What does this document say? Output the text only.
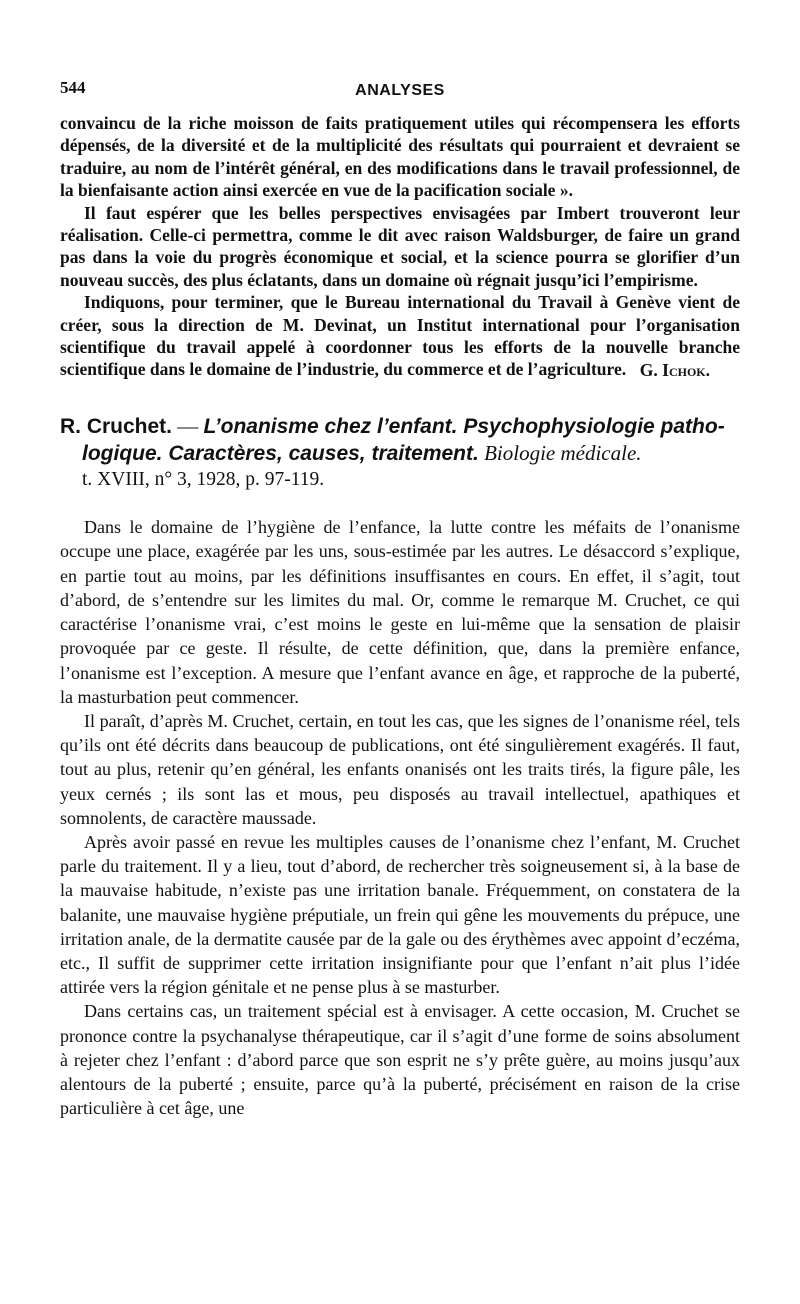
544	ANALYSES

convaincu de la riche moisson de faits pratiquement utiles qui récompensera les efforts dépensés, de la diversité et de la multiplicité des résultats qui pourraient et devraient se traduire, au nom de l’intérêt général, en des modifications dans le travail professionnel, de la bienfaisante action ainsi exercée en vue de la pacification sociale ».

Il faut espérer que les belles perspectives envisagées par Imbert trouveront leur réalisation. Celle-ci permettra, comme le dit avec raison Waldsburger, de faire un grand pas dans la voie du progrès économique et social, et la science pourra se glorifier d’un nouveau succès, des plus éclatants, dans un domaine où régnait jusqu’ici l’empirisme.

Indiquons, pour terminer, que le Bureau international du Travail à Genève vient de créer, sous la direction de M. Devinat, un Institut international pour l’organisation scientifique du travail appelé à coordonner tous les efforts de la nouvelle branche scientifique dans le domaine de l’industrie, du commerce et de l’agriculture. G. Ichok.

R. Cruchet. — L’onanisme chez l’enfant. Psychophysiologie patho-
logique. Caractères, causes, traitement. Biologie médicale.
t. XVIII, n° 3, 1928, p. 97-119.

Dans le domaine de l’hygiène de l’enfance, la lutte contre les méfaits de l’onanisme occupe une place, exagérée par les uns, sous-estimée par les autres. Le désaccord s’explique, en partie tout au moins, par les définitions insuffisantes en cours. En effet, il s’agit, tout d’abord, de s’entendre sur les limites du mal. Or, comme le remarque M. Cruchet, ce qui caractérise l’onanisme vrai, c’est moins le geste en lui-même que la sensation de plaisir provoquée par ce geste. Il résulte, de cette définition, que, dans la première enfance, l’onanisme est l’exception. A mesure que l’enfant avance en âge, et rapproche de la puberté, la masturbation peut commencer.

Il paraît, d’après M. Cruchet, certain, en tout les cas, que les signes de l’onanisme réel, tels qu’ils ont été décrits dans beaucoup de publications, ont été singulièrement exagérés. Il faut, tout au plus, retenir qu’en général, les enfants onanisés ont les traits tirés, la figure pâle, les yeux cernés ; ils sont las et mous, peu disposés au travail intellectuel, apathiques et somnolents, de caractère maussade.

Après avoir passé en revue les multiples causes de l’onanisme chez l’enfant, M. Cruchet parle du traitement. Il y a lieu, tout d’abord, de rechercher très soigneusement si, à la base de la mauvaise habitude, n’existe pas une irritation banale. Fréquemment, on constatera de la balanite, une mauvaise hygiène préputiale, un frein qui gêne les mouvements du prépuce, une irritation anale, de la dermatite causée par de la gale ou des érythèmes avec appoint d’eczéma, etc., Il suffit de supprimer cette irritation insignifiante pour que l’enfant n’ait plus l’idée attirée vers la région génitale et ne pense plus à se masturber.

Dans certains cas, un traitement spécial est à envisager. A cette occasion, M. Cruchet se prononce contre la psychanalyse thérapeutique, car il s’agit d’une forme de soins absolument à rejeter chez l’enfant : d’abord parce que son esprit ne s’y prête guère, au moins jusqu’aux alentours de la puberté ; ensuite, parce qu’à la puberté, précisément en raison de la crise particulière à cet âge, une
